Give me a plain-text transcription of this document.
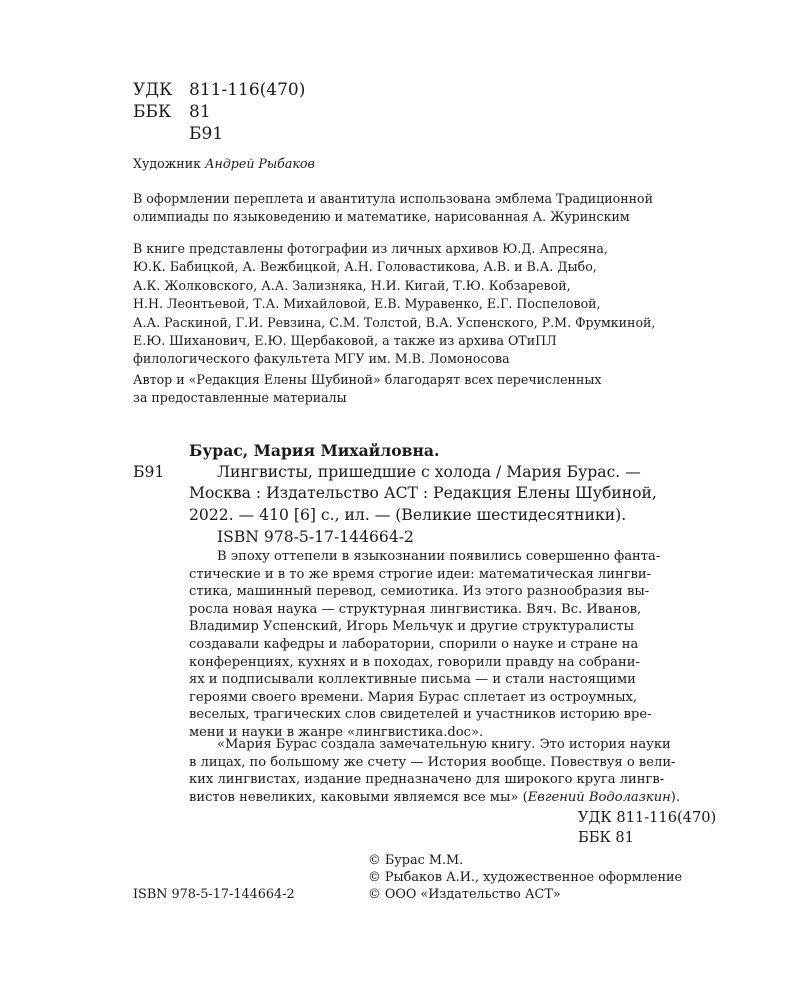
УДК 811-116(470)
ББК 81
Б91
Художник Андрей Рыбаков
В оформлении переплета и авантитула использована эмблема Традиционной
олимпиады по языковедению и математике, нарисованная А. Журинским
В книге представлены фотографии из личных архивов Ю.Д. Апресяна,
Ю.К. Бабицкой, А. Вежбицкой, А.Н. Головастикова, А.В. и В.А. Дыбо,
А.К. Жолковского, А.А. Зализняка, Н.И. Кигай, Т.Ю. Кобзаревой,
Н.Н. Леонтьевой, Т.А. Михайловой, Е.В. Муравенко, Е.Г. Поспеловой,
А.А. Раскиной, Г.И. Ревзина, С.М. Толстой, В.А. Успенского, Р.М. Фрумкиной,
Е.Ю. Шиханович, Е.Ю. Щербаковой, а также из архива ОТиПЛ
филологического факультета МГУ им. М.В. Ломоносова
Автор и «Редакция Елены Шубиной» благодарят всех перечисленных
за предоставленные материалы
Бурас, Мария Михайловна.
Б91	Лингвисты, пришедшие с холода / Мария Бурас. —
Москва : Издательство АСТ : Редакция Елены Шубиной,
2022. — 410 [6] с., ил. — (Великие шестидесятники).
ISBN 978-5-17-144664-2
В эпоху оттепели в языкознании появились совершенно фанта-
стические и в то же время строгие идеи: математическая лингви-
стика, машинный перевод, семиотика. Из этого разнообразия вы-
росла новая наука — структурная лингвистика. Вяч. Вс. Иванов,
Владимир Успенский, Игорь Мельчук и другие структуралисты
создавали кафедры и лаборатории, спорили о науке и стране на
конференциях, кухнях и в походах, говорили правду на собрани-
ях и подписывали коллективные письма — и стали настоящими
героями своего времени. Мария Бурас сплетает из остроумных,
веселых, трагических слов свидетелей и участников историю вре-
мени и науки в жанре «лингвистика.doc».
«Мария Бурас создала замечательную книгу. Это история науки
в лицах, по большому же счету — История вообще. Повествуя о вели-
ких лингвистах, издание предназначено для широкого круга лингв-
вистов невеликих, каковыми являемся все мы» (Евгений Водолазкин).
УДК 811-116(470)
ББК 81
© Бурас М.М.
© Рыбаков А.И., художественное оформление
© ООО «Издательство АСТ»
ISBN 978-5-17-144664-2
